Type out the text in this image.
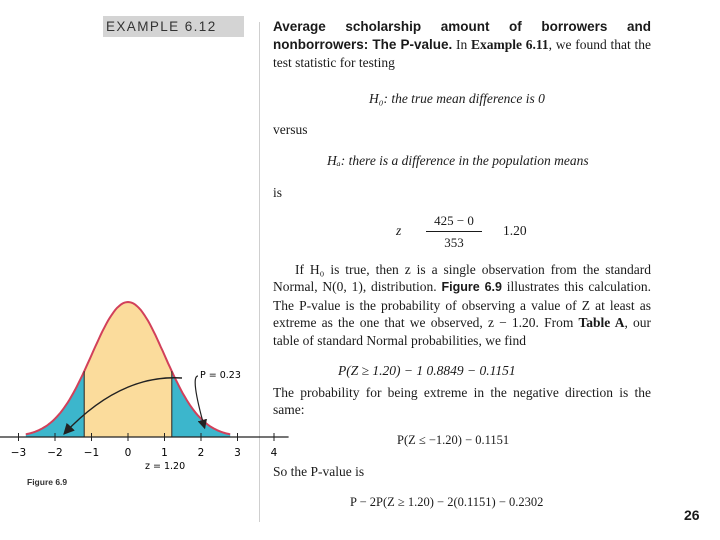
EXAMPLE 6.12	Average scholarship amount of borrowers and nonborrowers: The P-value. In Example 6.11, we found that the test statistic for testing
H₀: the true mean difference is 0
versus
Hₐ: there is a difference in the population means
is
z $\frac{425 - 0}{353} 1.20$
If H₀ is true, then z is a single observation from the standard Normal, N(0, 1), distribution. Figure 6.9 illustrates this calculation. The P-value is the probability of observing a value of Z at least as extreme as the one that we observed, z − 1.20. From Table A, our table of standard Normal probabilities, we find
P(Z ≥ 1.20) − 1 0.8849 − 0.1151
The probability for being extreme in the negative direction is the same:
P(Z ≤ −1.20) − 0.1151
So the P-value is
P − 2P(Z ≥ 1.20) − 2(0.1151) − 0.2302
26
−3 −2 −1 0	1	2	3	4
P = 0.23
z = 1.20
Figure 6.9
